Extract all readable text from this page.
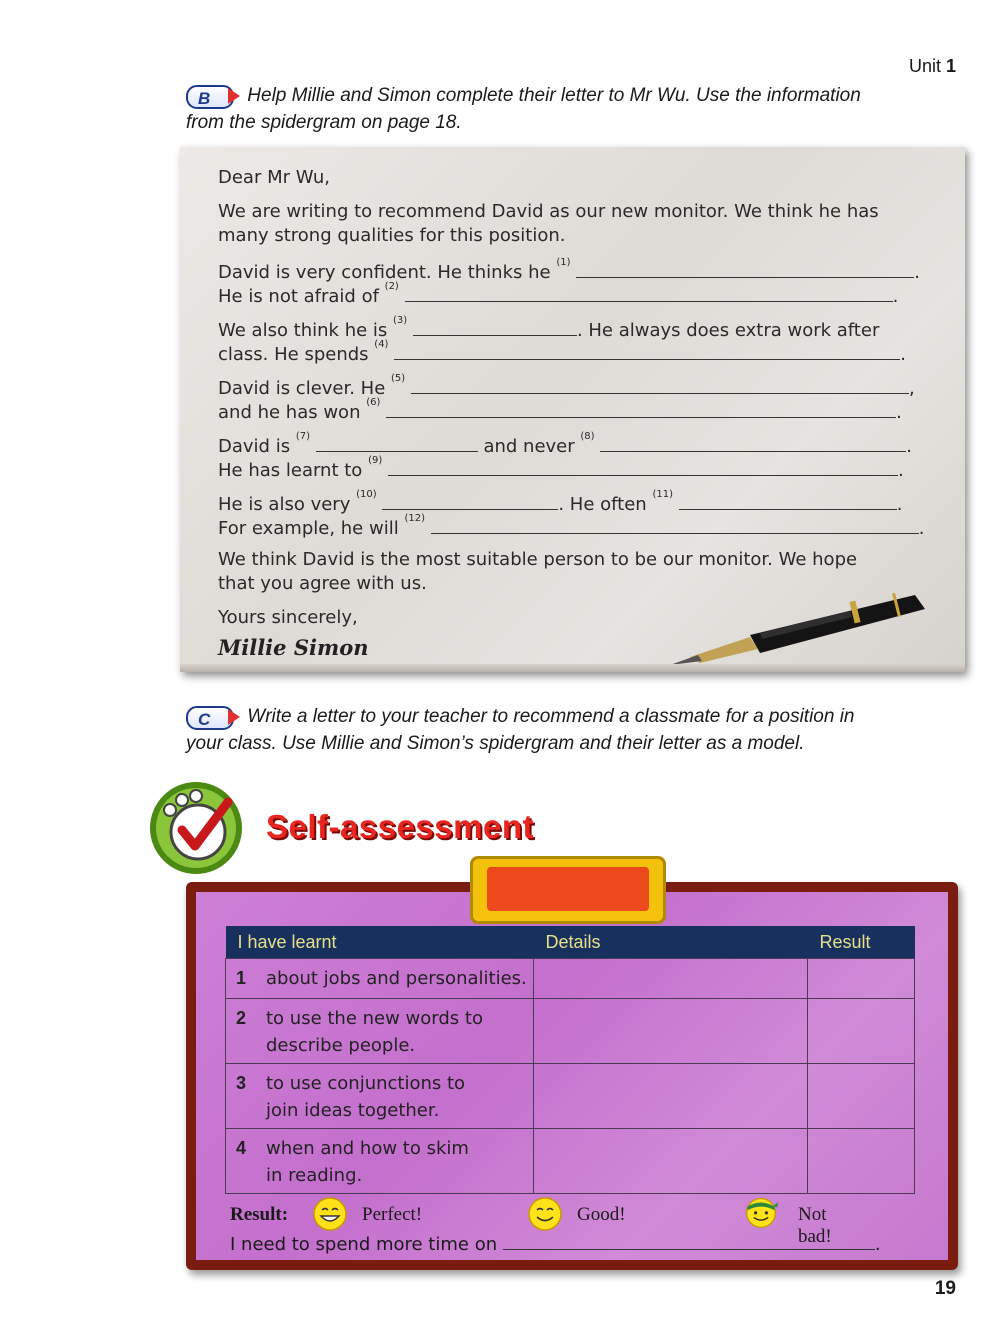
Unit 1
B Help Millie and Simon complete their letter to Mr Wu. Use the information
from the spidergram on page 18.
Dear Mr Wu,
We are writing to recommend David as our new monitor. We think he has
many strong qualities for this position.
David is very confident. He thinks he $^{(1)}$	.
He is not afraid of $^{(2)}$	.
We also think he is $^{(3)}$	. He always does extra work after
class. He spends $^{(4)}$	.
David is clever. He $^{(5)}$	,
and he has won $^{(6)}$	.
David is $^{(7)}$	and never $^{(8)}$	.
He has learnt to $^{(9)}$	.
He is also very $^{(10)}$	. He often $^{(11)}$	.
For example, he will $^{(12)}$	.
We think David is the most suitable person to be our monitor. We hope
that you agree with us.
Yours sincerely,
Millie Simon
C Write a letter to your teacher to recommend a classmate for a position in
your class. Use Millie and Simon’s spidergram and their letter as a model.
Self-assessment
I have learnt	Details	Result
1 about jobs and personalities.		
2 to use the new words to
describe people.		
3 to use conjunctions to
join ideas together.		
4 when and how to skim
in reading.		
Result:	Perfect!	Good!	Not bad!
I need to spend more time on	.
19
